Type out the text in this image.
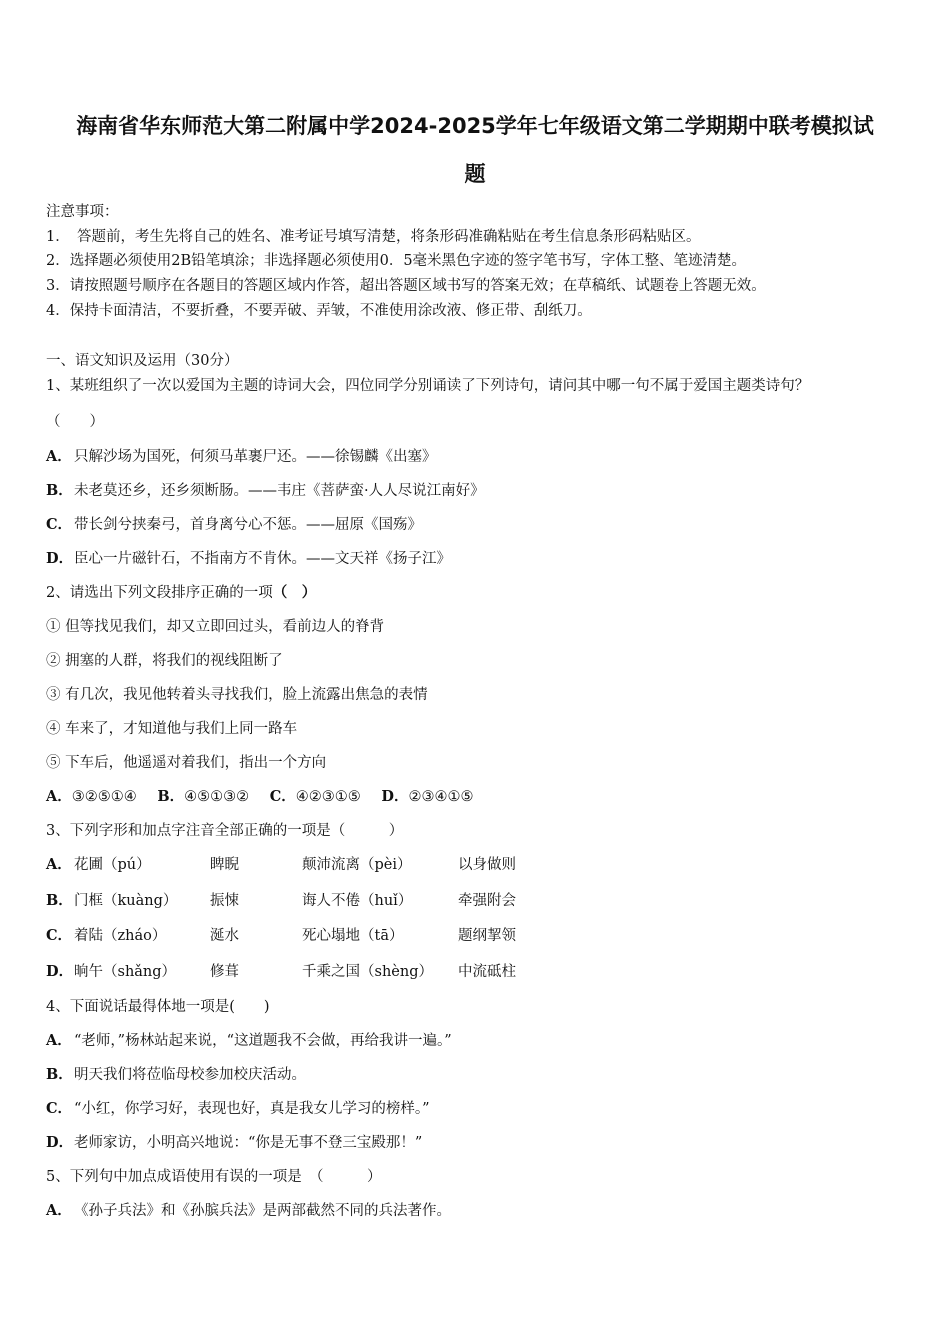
海南省华东师范大第二附属中学2024-2025学年七年级语文第二学期期中联考模拟试
题
注意事项：
1．　答题前，考生先将自己的姓名、准考证号填写清楚，将条形码准确粘贴在考生信息条形码粘贴区。
2．选择题必须使用2B铅笔填涂；非选择题必须使用0．5毫米黑色字迹的签字笔书写，字体工整、笔迹清楚。
3．请按照题号顺序在各题目的答题区域内作答，超出答题区域书写的答案无效；在草稿纸、试题卷上答题无效。
4．保持卡面清洁，不要折叠，不要弄破、弄皱，不准使用涂改液、修正带、刮纸刀。
一、语文知识及运用（30分）
1、某班组织了一次以爱国为主题的诗词大会，四位同学分别诵读了下列诗句，请问其中哪一句不属于爱国主题类诗句？
（　　）
A． 只解沙场为国死，何须马革裹尸还。——徐锡麟《出塞》
B．未老莫还乡，还乡须断肠。——韦庄《菩萨蛮·人人尽说江南好》
C． 带长剑兮挟秦弓，首身离兮心不惩。——屈原《国殇》
D．臣心一片磁针石，不指南方不肯休。——文天祥《扬子江》
2、请选出下列文段排序正确的一项（　）
① 但等找见我们，却又立即回过头，看前边人的脊背
② 拥塞的人群，将我们的视线阻断了
③ 有几次，我见他转着头寻找我们，脸上流露出焦急的表情
④ 车来了，才知道他与我们上同一路车
⑤ 下车后，他遥遥对着我们，指出一个方向
A．③②⑤①④ B．④⑤①③② C．④②③①⑤ D．②③④①⑤
3、下列字形和加点字注音全部正确的一项是（　　　）
A． 花圃（pú）	睥睨	颠沛流离（pèi）	以身做则
B． 门框（kuàng） 振悚	诲人不倦（huǐ）	牵强附会
C． 着陆（zháo）	涎水	死心塌地（tā）	题纲挈领
D． 晌午（shǎng） 修葺	千乘之国（shèng） 中流砥柱
4、下面说话最得体地一项是(　　)
A． “老师，”杨林站起来说，“这道题我不会做，再给我讲一遍。”
B．明天我们将莅临母校参加校庆活动。
C． “小红，你学习好，表现也好，真是我女儿学习的榜样。”
D．老师家访，小明高兴地说：“你是无事不登三宝殿那！”
5、下列句中加点成语使用有误的一项是　（　　　）
A． 《孙子兵法》和《孙膑兵法》是两部截然不同的兵法著作。
